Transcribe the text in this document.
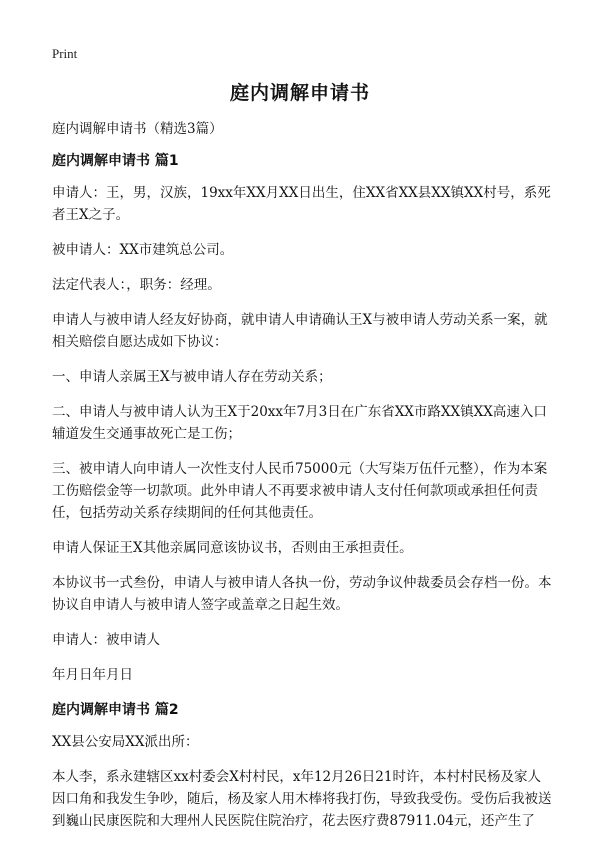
Print
庭内调解申请书

庭内调解申请书（精选3篇）

庭内调解申请书 篇1

申请人：王，男，汉族，19xx年XX月XX日出生，住XX省XX县XX镇XX村号，系死者王X之子。

被申请人：XX市建筑总公司。

法定代表人：，职务：经理。

申请人与被申请人经友好协商，就申请人申请确认王X与被申请人劳动关系一案，就相关赔偿自愿达成如下协议：

一、申请人亲属王X与被申请人存在劳动关系；

二、申请人与被申请人认为王X于20xx年7月3日在广东省XX市路XX镇XX高速入口辅道发生交通事故死亡是工伤；

三、被申请人向申请人一次性支付人民币75000元（大写柒万伍仟元整），作为本案工伤赔偿金等一切款项。此外申请人不再要求被申请人支付任何款项或承担任何责任，包括劳动关系存续期间的任何其他责任。

申请人保证王X其他亲属同意该协议书，否则由王承担责任。

本协议书一式叁份，申请人与被申请人各执一份，劳动争议仲裁委员会存档一份。本协议自申请人与被申请人签字或盖章之日起生效。

申请人：被申请人

年月日年月日

庭内调解申请书 篇2

XX县公安局XX派出所：

本人李，系永建辖区xx村委会X村村民，x年12月26日21时许，本村村民杨及家人因口角和我发生争吵，随后，杨及家人用木棒将我打伤，导致我受伤。受伤后我被送到巍山民康医院和大理州人民医院住院治疗，花去医疗费87911.04元，还产生了
